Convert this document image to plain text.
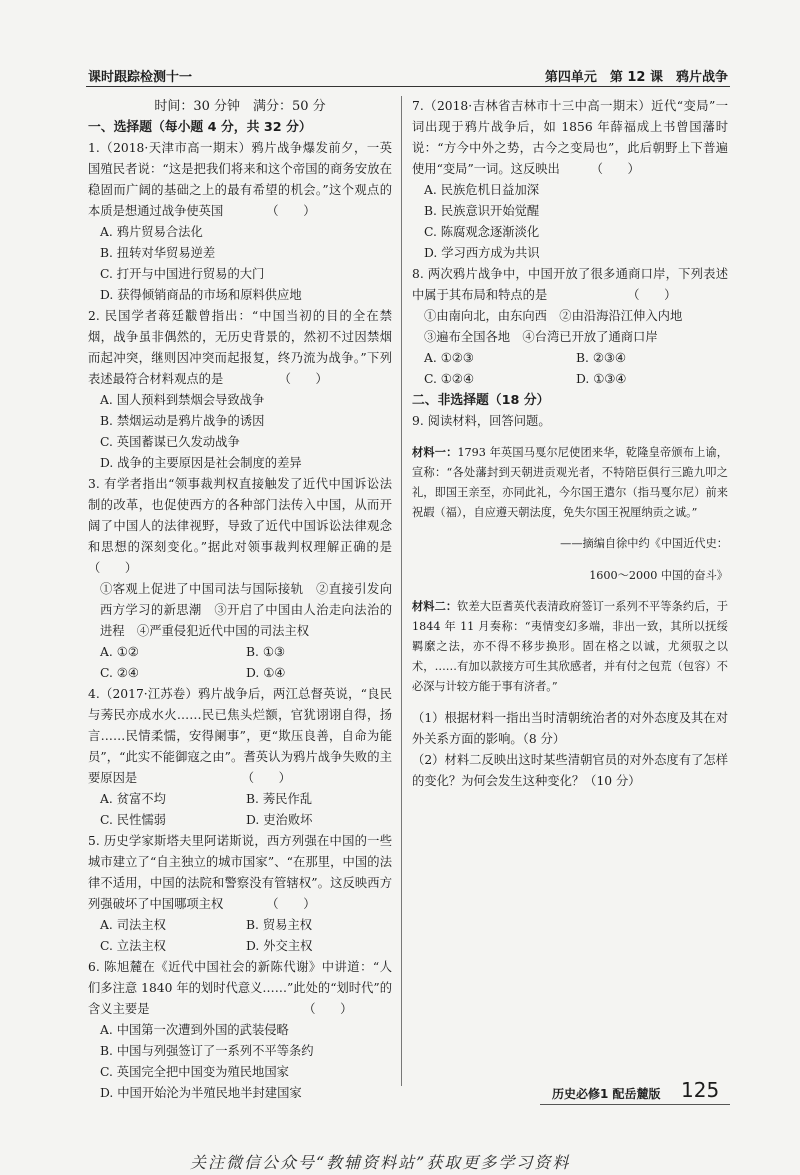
课时跟踪检测十一	第四单元　第 12 课　鸦片战争

时间：30 分钟　满分：50 分

一、选择题（每小题 4 分，共 32 分）

1.（2018·天津市高一期末）鸦片战争爆发前夕，一英国殖民者说：“这是把我们将来和这个帝国的商务安放在稳固而广阔的基础之上的最有希望的机会。”这个观点的本质是想通过战争使英国　　　　（　　）

A. 鸦片贸易合法化

B. 扭转对华贸易逆差

C. 打开与中国进行贸易的大门

D. 获得倾销商品的市场和原料供应地

2. 民国学者蒋廷黻曾指出：“中国当初的目的全在禁烟，战争虽非偶然的，无历史背景的，然初不过因禁烟而起冲突，继则因冲突而起报复，终乃流为战争。”下列表述最符合材料观点的是　　　　　（　　）

A. 国人预料到禁烟会导致战争

B. 禁烟运动是鸦片战争的诱因

C. 英国蓄谋已久发动战争

D. 战争的主要原因是社会制度的差异

3. 有学者指出“领事裁判权直接触发了近代中国诉讼法制的改革，也促使西方的各种部门法传入中国，从而开阔了中国人的法律视野，导致了近代中国诉讼法律观念和思想的深刻变化。”据此对领事裁判权理解正确的是　　　　　　　　　　　　　　　　　　（　　）

①客观上促进了中国司法与国际接轨　②直接引发向西方学习的新思潮　③开启了中国由人治走向法治的进程　④严重侵犯近代中国的司法主权

A. ①②	B. ①③
C. ②④	D. ①④

4.（2017·江苏卷）鸦片战争后，两江总督英说，“良民与莠民亦成水火……民已焦头烂额，官犹诩诩自得，扬言……民情柔懦，安得阑事”，更“欺压良善，自命为能员”，“此实不能御寇之由”。耆英认为鸦片战争失败的主要原因是　　　　　　　　　（　　）

A. 贫富不均	B. 莠民作乱
C. 民性懦弱	D. 吏治败坏

5. 历史学家斯塔夫里阿诺斯说，西方列强在中国的一些城市建立了“自主独立的城市国家”、“在那里，中国的法律不适用，中国的法院和警察没有管辖权”。这反映西方列强破坏了中国哪项主权　　　　（　　）

A. 司法主权	B. 贸易主权
C. 立法主权	D. 外交主权

6. 陈旭麓在《近代中国社会的新陈代谢》中讲道：“人们多注意 1840 年的划时代意义……”此处的“划时代”的含义主要是　　　　　　　　　　　　　（　　）

A. 中国第一次遭到外国的武装侵略

B. 中国与列强签订了一系列不平等条约

C. 英国完全把中国变为殖民地国家

D. 中国开始沦为半殖民地半封建国家

7.（2018·吉林省吉林市十三中高一期末）近代“变局”一词出现于鸦片战争后，如 1856 年薛福成上书曾国藩时说：“方今中外之势，古今之变局也”，此后朝野上下普遍使用“变局”一词。这反映出　　　（　　）

A. 民族危机日益加深

B. 民族意识开始觉醒

C. 陈腐观念逐渐淡化

D. 学习西方成为共识

8. 两次鸦片战争中，中国开放了很多通商口岸，下列表述中属于其布局和特点的是　　　　　　　（　　）

①由南向北，由东向西　②由沿海沿江伸入内地

③遍布全国各地　④台湾已开放了通商口岸

A. ①②③	B. ②③④
C. ①②④	D. ①③④

二、非选择题（18 分）

9. 阅读材料，回答问题。

材料一：1793 年英国马戛尔尼使团来华，乾隆皇帝颁布上谕，宣称：“各处藩封到天朝进贡观光者，不特陪臣俱行三跪九叩之礼，即国王亲至，亦同此礼，今尔国王遣尔（指马戛尔尼）前来祝嘏（福），自应遵天朝法度，免失尔国王祝厘纳贡之诚。”

——摘编自徐中约《中国近代史：

1600～2000 中国的奋斗》

材料二：钦差大臣耆英代表清政府签订一系列不平等条约后，于 1844 年 11 月奏称：“夷情变幻多端，非出一致，其所以抚绥羁縻之法，亦不得不移步换形。固在格之以诚，尤须驭之以术，……有加以款接方可生其欣感者，并有付之包荒（包容）不必深与计较方能于事有济者。”

（1）根据材料一指出当时清朝统治者的对外态度及其在对外关系方面的影响。（8 分）

（2）材料二反映出这时某些清朝官员的对外态度有了怎样的变化？为何会发生这种变化？（10 分）

历史必修1 配岳麓版 125
关注微信公众号“教辅资料站”获取更多学习资料
